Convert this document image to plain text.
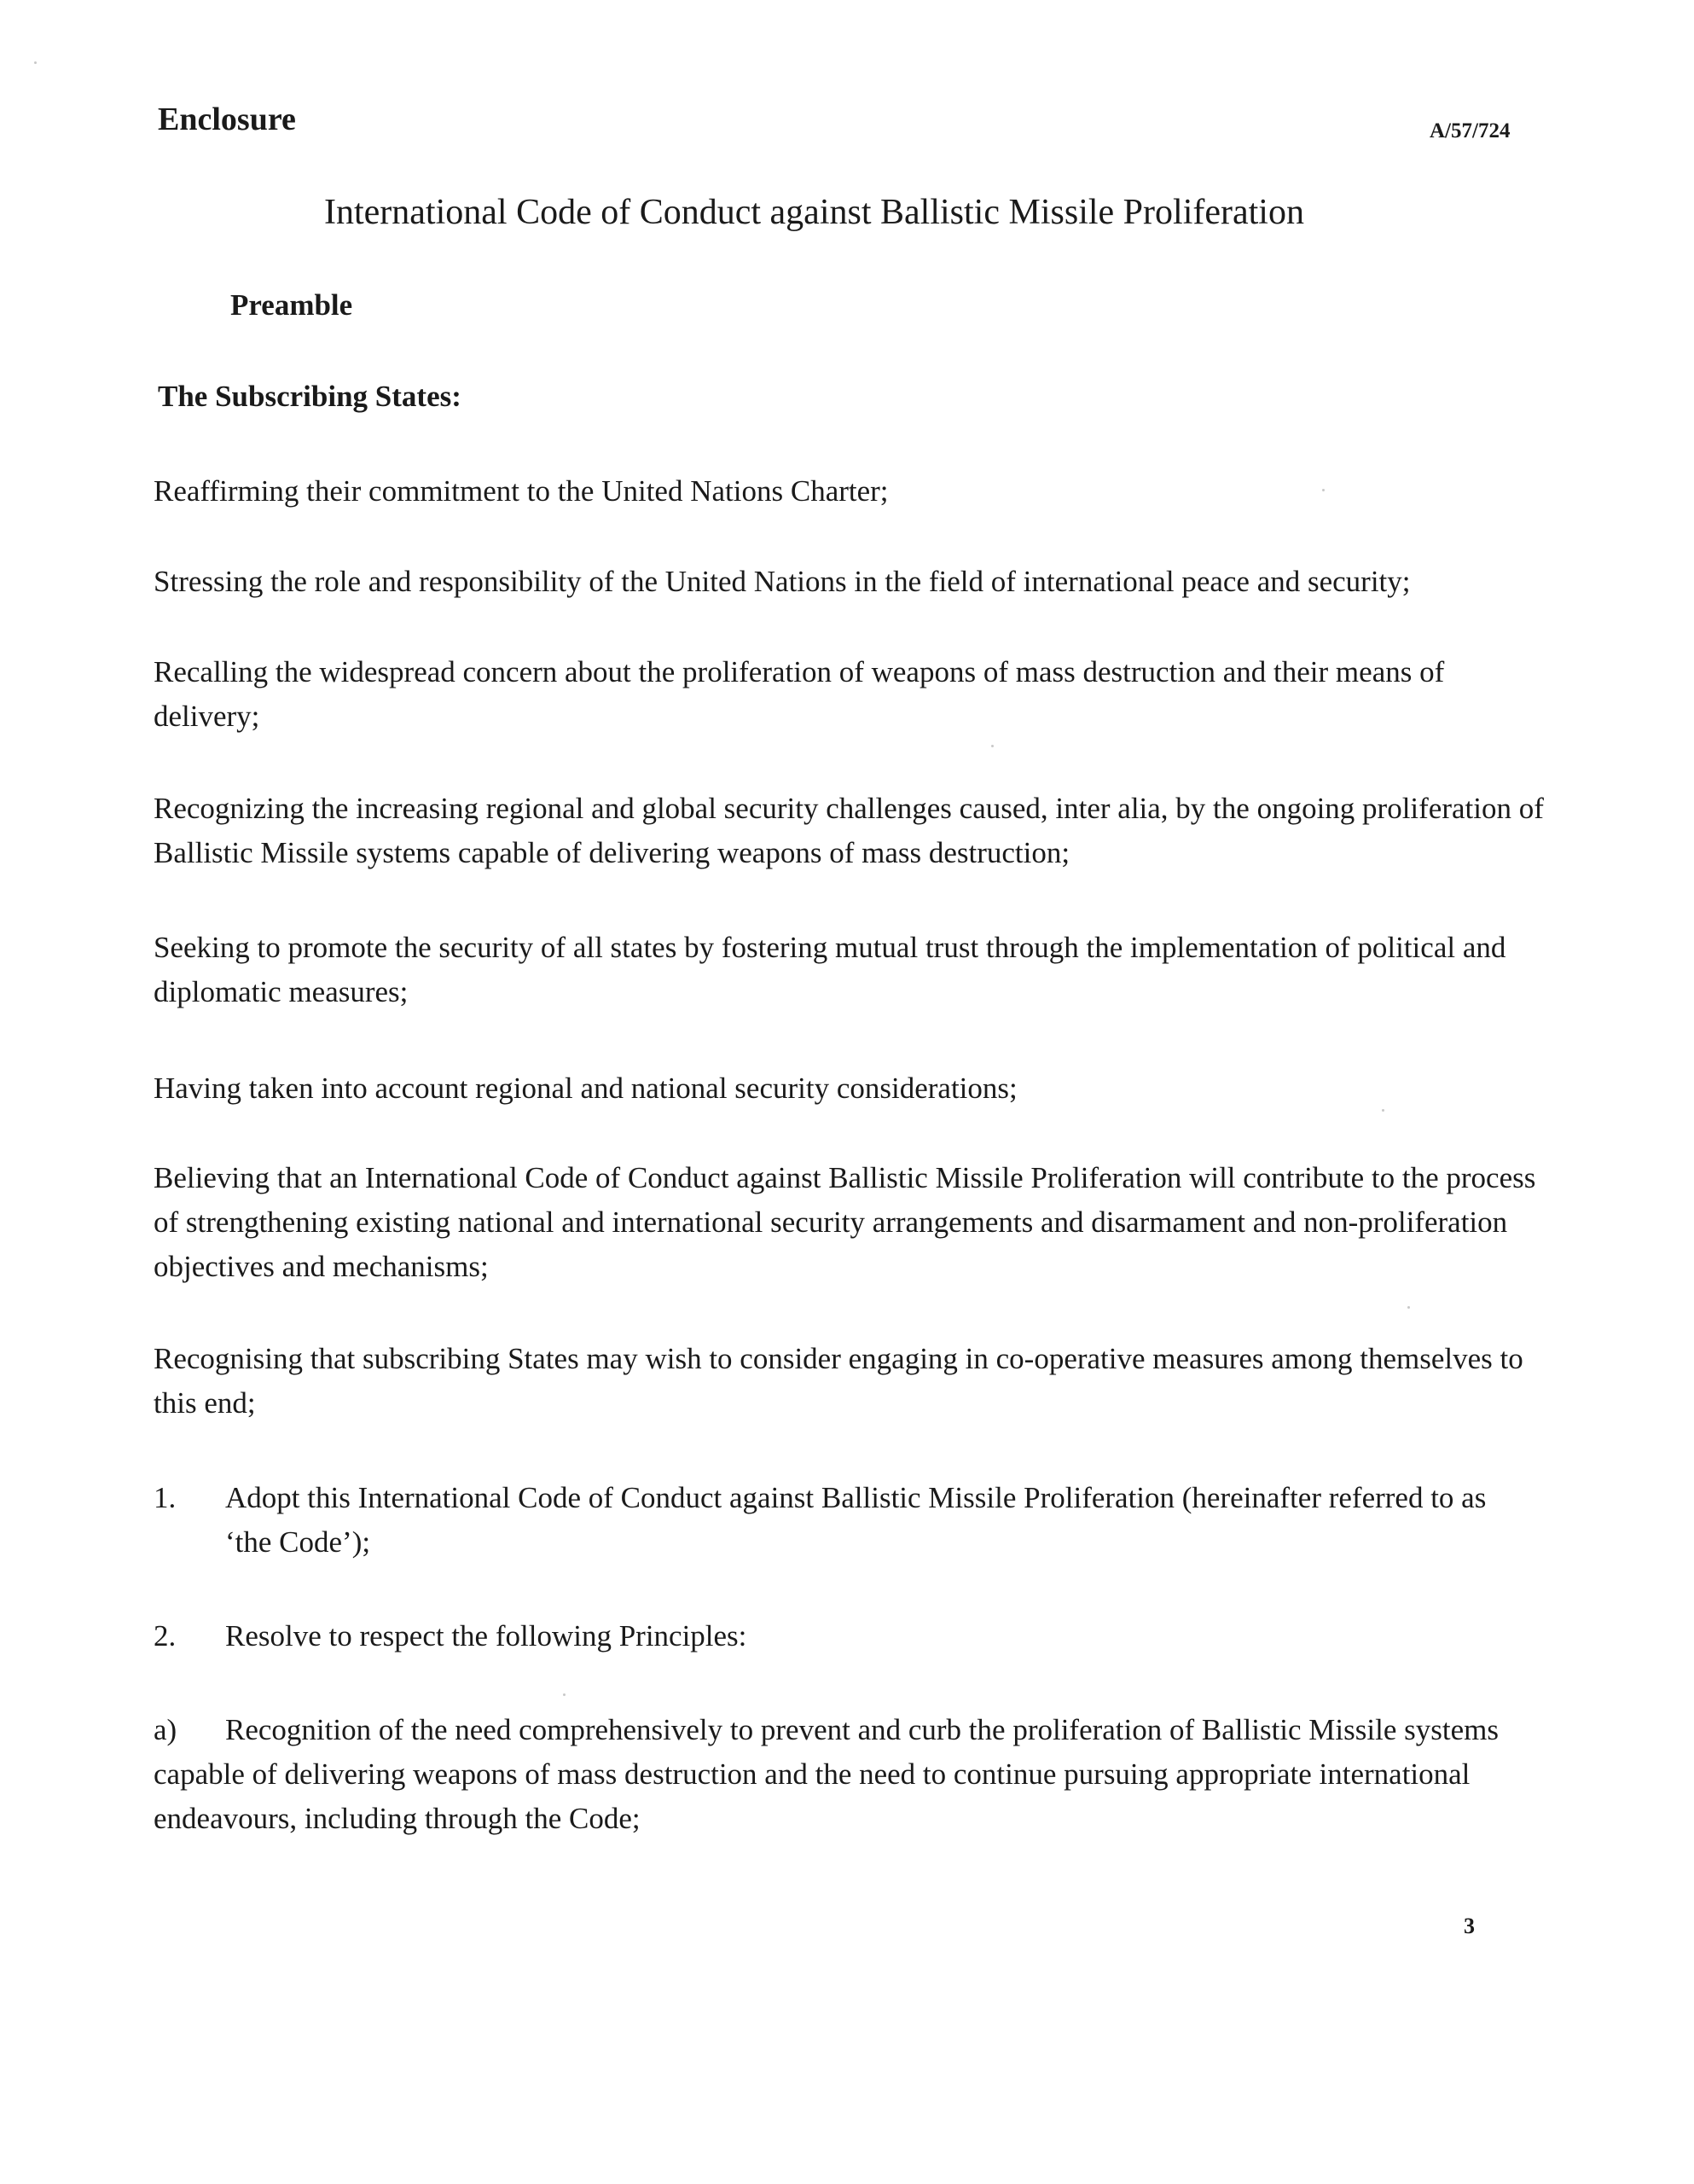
Enclosure	A/57/724
International Code of Conduct against Ballistic Missile Proliferation
Preamble
The Subscribing States:

Reaffirming their commitment to the United Nations Charter;

Stressing the role and responsibility of the United Nations in the field of international peace and security;

Recalling the widespread concern about the proliferation of weapons of mass destruction and their means of delivery;

Recognizing the increasing regional and global security challenges caused, inter alia, by the ongoing proliferation of Ballistic Missile systems capable of delivering weapons of mass destruction;

Seeking to promote the security of all states by fostering mutual trust through the implementation of political and diplomatic measures;

Having taken into account regional and national security considerations;

Believing that an International Code of Conduct against Ballistic Missile Proliferation will contribute to the process of strengthening existing national and international security arrangements and disarmament and non-proliferation objectives and mechanisms;

Recognising that subscribing States may wish to consider engaging in co-operative measures among themselves to this end;

1. Adopt this International Code of Conduct against Ballistic Missile Proliferation (hereinafter referred to as ‘the Code’);
2. Resolve to respect the following Principles:

a) Recognition of the need comprehensively to prevent and curb the proliferation of Ballistic Missile systems capable of delivering weapons of mass destruction and the need to continue pursuing appropriate international endeavours, including through the Code;

3
